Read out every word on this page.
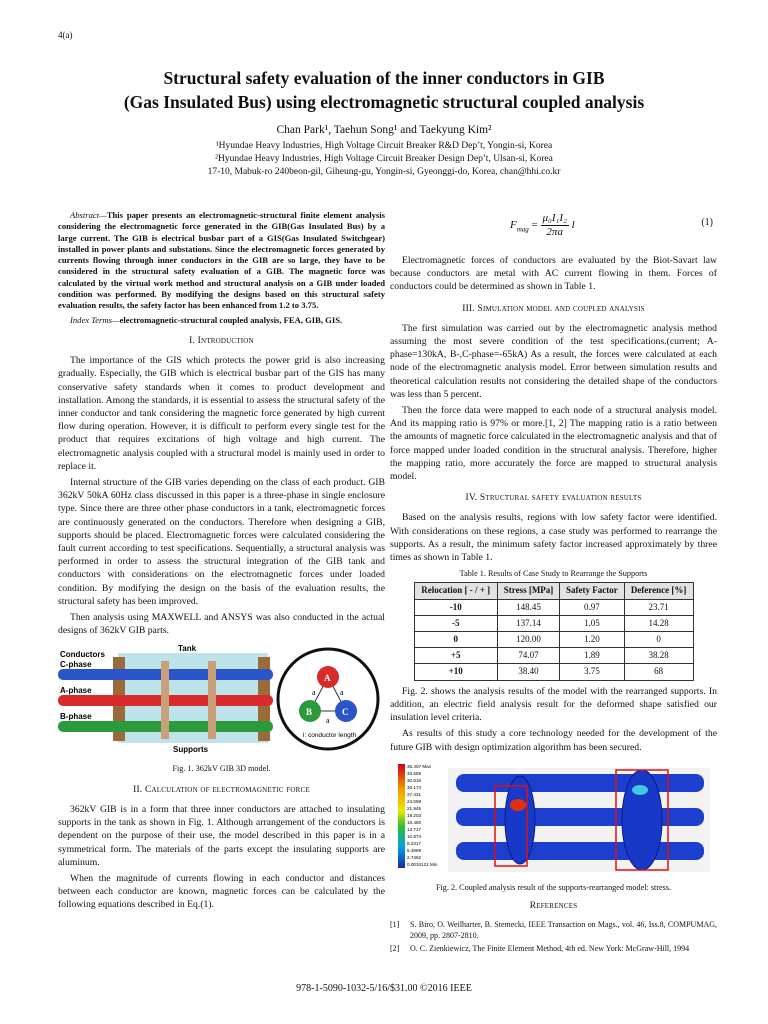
4(a)
Structural safety evaluation of the inner conductors in GIB
(Gas Insulated Bus) using electromagnetic structural coupled analysis
Chan Park¹, Taehun Song¹ and Taekyung Kim²
¹Hyundae Heavy Industries, High Voltage Circuit Breaker R&D Dep’t, Yongin-si, Korea
²Hyundae Heavy Industries, High Voltage Circuit Breaker Design Dep’t, Ulsan-si, Korea
17-10, Mabuk-ro 240beon-gil, Giheung-gu, Yongin-si, Gyeonggi-do, Korea, chan@hhi.co.kr

Abstract—This paper presents an electromagnetic-structural finite element analysis considering the electromagnetic force generated in the GIB(Gas Insulated Bus) by a large current. The GIB is electrical busbar part of a GIS(Gas Insulated Switchgear) installed in power plants and substations. Since the electromagnetic forces generated by currents flowing through inner conductors in the GIB are so large, they have to be considered in the structural safety evaluation of a GIB. The magnetic force was calculated by the virtual work method and structural analysis on a GIB under loaded condition was performed. By modifying the designs based on this structural safety evaluation results, the safety factor has been enhanced from 1.2 to 3.75.

Index Terms—electromagnetic-structural coupled analysis, FEA, GIB, GIS.

I. Introduction

The importance of the GIS which protects the power grid is also increasing gradually. Especially, the GIB which is electrical busbar part of the GIS has many conservative safety standards when it comes to product development and installation. Among the standards, it is essential to assess the structural safety of the inner conductor and tank considering the magnetic force generated by high current flow during operation. However, it is difficult to perform every single test for the product that requires excitations of high voltage and high current. The electromagnetic analysis coupled with a structural model is mainly used in order to replace it.

Internal structure of the GIB varies depending on the class of each product. GIB 362kV 50kA 60Hz class discussed in this paper is a three-phase in single enclosure type. Since there are three other phase conductors in a tank, electromagnetic forces are continuously generated on the conductors. Therefore when designing a GIB, supports should be placed. Electromagnetic forces were calculated considering the fault current according to test specifications. Sequentially, a structural analysis was performed in order to assess the structural integration of the GIB tank and conductors with considerations on the electromagnetic forces under loaded condition. By modifying the design on the basis of the evaluation results, the structural safety has been improved.

Then analysis using MAXWELL and ANSYS was also conducted in the actual designs of 362kV GIB parts.

Conductors
Tank
C-phase
A-phase
B-phase
Supports
A
B	C
a	a
a
l: conductor length
Fig. 1. 362kV GIB 3D model.
II. Calculation of electromagnetic force

362kV GIB is in a form that three inner conductors are attached to insulating supports in the tank as shown in Fig. 1. Although arrangement of the conductors is dependent on the purpose of their use, the model described in this paper is in a symmetrical form. The materials of the parts except the insulating supports are aluminum.

When the magnitude of currents flowing in each conductor and distances between each conductor are known, magnetic forces can be calculated by the following equations described in Eq.(1).

$F_{mag} = \frac{\text{μ₀I₁I₂}}{2\pi a}$ l	(1)

Electromagnetic forces of conductors are evaluated by the Biot-Savart law because conductors are metal with AC current flowing in them. Forces of conductors could be determined as shown in Table 1.

III. Simulation model and coupled analysis

The first simulation was carried out by the electromagnetic analysis method assuming the most severe condition of the test specifications.(current; A-phase=130kA, B-,C-phase=-65kA) As a result, the forces were calculated at each node of the electromagnetic analysis model. Error between simulation results and theoretical calculation results not considering the detailed shape of the conductors was less than 5 percent.

Then the force data were mapped to each node of a structural analysis model. And its mapping ratio is 97% or more.[1, 2] The mapping ratio is a ratio between the amounts of magnetic force calculated in the electromagnetic analysis and that of force mapped under loaded condition in the structural analysis. Therefore, higher the mapping ratio, more accurately the force are mapped to structural analysis model.

IV. Structural safety evaluation results

Based on the analysis results, regions with low safety factor were identified. With considerations on these regions, a case study was performed to rearrange the supports. As a result, the minimum safety factor increased approximately by three times as shown in Table 1.

Table 1. Results of Case Study to Rearrange the Supports
Relocation [ - / + ]	Stress [MPa]	Safety Factor	Deference [%]
-10	148.45	0.97	23.71
-5	137.14	1.05	14.28
0	120.00	1.20	0
+5	74.07	1.89	38.28
+10	38.40	3.75	68

Fig. 2. shows the analysis results of the model with the rearranged supports. In addition, an electric field analysis result for the deformed shape satisfied our insulation level criteria.

As results of this study a core technology needed for the development of the future GIB with design optimization algorithm has been secured.

35.407 Max
33.659
30.916
30.174
27.431
24.689
21.945
19.203
16.460
13.717
10.974
8.2317
5.4889
2.7462
0.0034121 Min
Fig. 2. Coupled analysis result of the supports-rearranged model: stress.
References
[1]	S. Biro, O. Weilharter, B. Stemecki, IEEE Transaction on Mags., vol. 46, Iss.8, COMPUMAG, 2009, pp. 2807-2810.
[2]	O. C. Zienkiewicz, The Finite Element Method, 4th ed. New York: McGraw-Hill, 1994
978-1-5090-1032-5/16/$31.00 ©2016 IEEE
